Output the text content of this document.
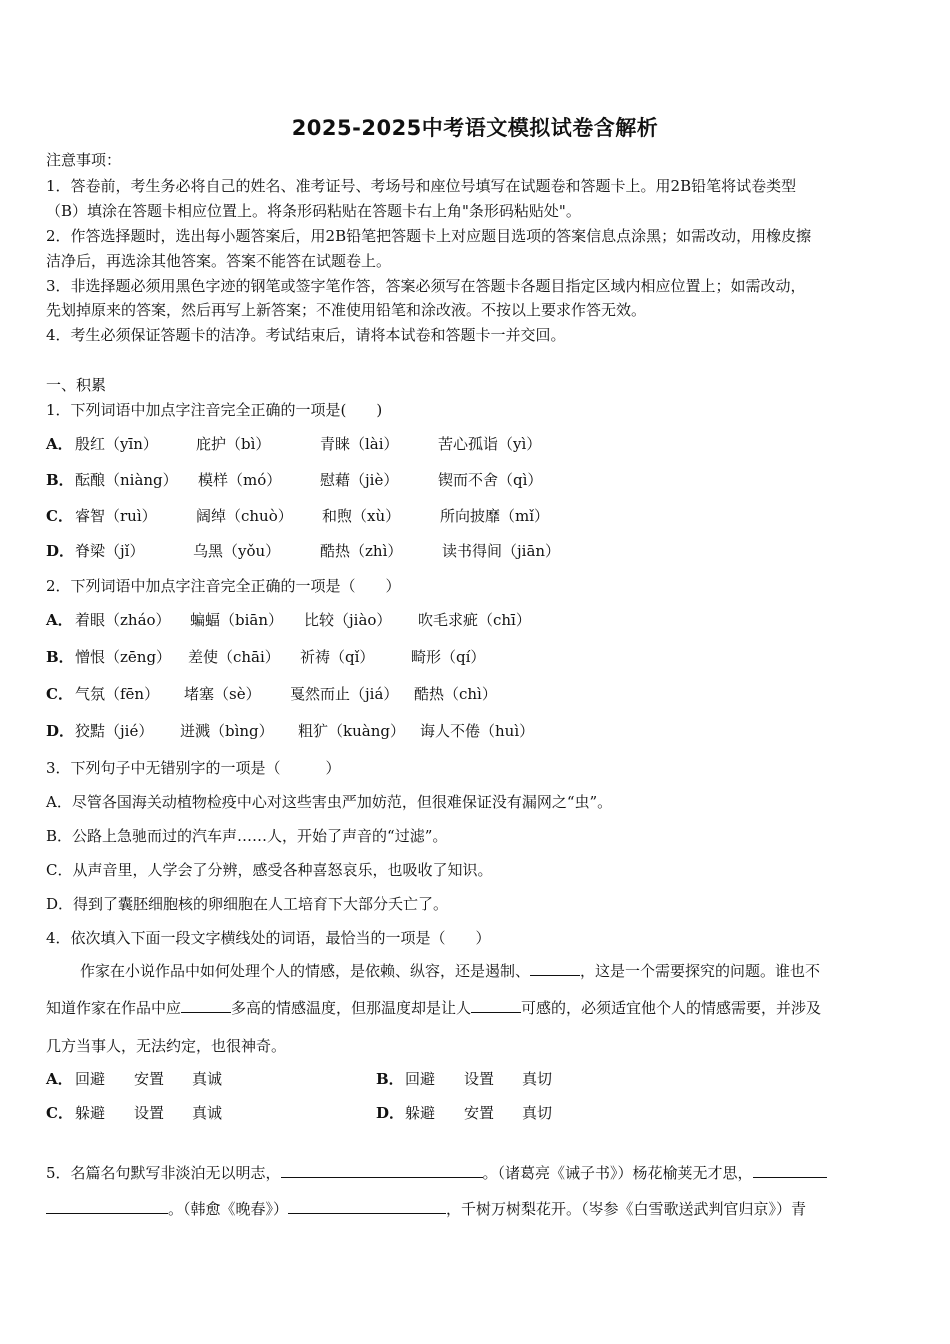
2025-2025中考语文模拟试卷含解析
注意事项：
1．答卷前，考生务必将自己的姓名、准考证号、考场号和座位号填写在试题卷和答题卡上。用2B铅笔将试卷类型
（B）填涂在答题卡相应位置上。将条形码粘贴在答题卡右上角"条形码粘贴处"。
2．作答选择题时，选出每小题答案后，用2B铅笔把答题卡上对应题目选项的答案信息点涂黑；如需改动，用橡皮擦
洁净后，再选涂其他答案。答案不能答在试题卷上。
3．非选择题必须用黑色字迹的钢笔或签字笔作答，答案必须写在答题卡各题目指定区域内相应位置上；如需改动，
先划掉原来的答案，然后再写上新答案；不准使用铅笔和涂改液。不按以上要求作答无效。
4．考生必须保证答题卡的洁净。考试结束后，请将本试卷和答题卡一并交回。
一、积累
1．下列词语中加点字注音完全正确的一项是(　　)
A． 殷红（yīn）	庇护（bì）	青睐（lài）	苦心孤诣（yì）
B． 酝酿（niàng） 模样（mó）	慰藉（jiè）	锲而不舍（qì）
C． 睿智（ruì）	阔绰（chuò） 和煦（xù）	所向披靡（mǐ）
D． 脊梁（jǐ）	乌黑（yǒu）	酷热（zhì）	读书得间（jiān）
2．下列词语中加点字注音完全正确的一项是（　　）
A． 着眼（zháo） 蝙蝠（biān） 比较（jiào） 吹毛求疵（chī）
B． 憎恨（zēng） 差使（chāi） 祈祷（qǐ） 畸形（qí）
C． 气氛（fēn） 堵塞（sè） 戛然而止（jiá） 酷热（chì）
D． 狡黠（jié） 迸溅（bìng） 粗犷（kuàng） 诲人不倦（huì）
3．下列句子中无错别字的一项是（　　　）
A．尽管各国海关动植物检疫中心对这些害虫严加妨范，但很难保证没有漏网之“虫”。
B．公路上急驰而过的汽车声……人，开始了声音的“过滤”。
C．从声音里，人学会了分辨，感受各种喜怒哀乐，也吸收了知识。
D．得到了囊胚细胞核的卵细胞在人工培育下大部分夭亡了。
4．依次填入下面一段文字横线处的词语，最恰当的一项是（　　）
作家在小说作品中如何处理个人的情感，是依赖、纵容，还是遏制、	，这是一个需要探究的问题。谁也不
知道作家在作品中应	多高的情感温度，但那温度却是让人	可感的，必须适宜他个人的情感需要，并涉及
几方当事人，无法约定，也很神奇。
A． 回避 安置 真诚	B． 回避 设置 真切
C． 躲避 设置 真诚	D． 躲避 安置 真切
5．名篇名句默写非淡泊无以明志，	。（诸葛亮《诫子书》）杨花榆荚无才思，
。（韩愈《晚春》）	，千树万树梨花开。（岑参《白雪歌送武判官归京》）青
